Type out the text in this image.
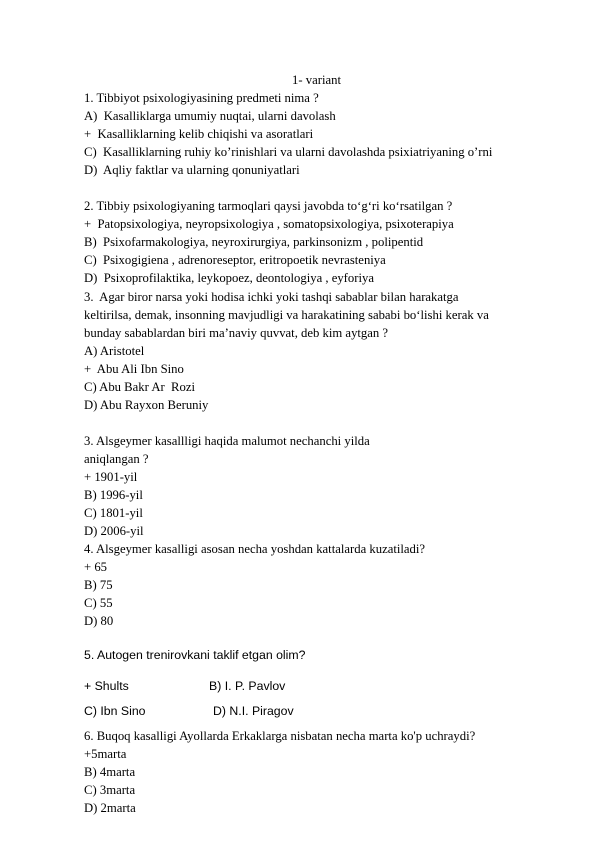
1- variant
1. Tibbiyot psixologiyasining predmeti nima ?
A)  Kasalliklarga umumiy nuqtai, ularni davolash
+  Kasalliklarning kelib chiqishi va asoratlari
C)  Kasalliklarning ruhiy ko’rinishlari va ularni davolashda psixiatriyaning o’rni
D)  Aqliy faktlar va ularning qonuniyatlari
2. Tibbiy psixologiyaning tarmoqlari qaysi javobda to‘g‘ri ko‘rsatilgan ?
+  Patopsixologiya, neyropsixologiya , somatopsixologiya, psixoterapiya
B)  Psixofarmakologiya, neyroxirurgiya, parkinsonizm , polipentid
C)  Psixogigiena , adrenoreseptor, eritropoetik nevrasteniya
D)  Psixoprofilaktika, leykopoez, deontologiya , eyforiya
3.  Agar biror narsa yoki hodisa ichki yoki tashqi sabablar bilan harakatga
keltirilsa, demak, insonning mavjudligi va harakatining sababi bo‘lishi kerak va
bunday sabablardan biri ma’naviy quvvat, deb kim aytgan ?
A) Aristotel
+  Abu Ali Ibn Sino
C) Abu Bakr Ar  Rozi
D) Abu Rayxon Beruniy
3. Alsgeymer kasallligi haqida malumot nechanchi yilda
aniqlangan ?
+ 1901-yil
B) 1996-yil
C) 1801-yil
D) 2006-yil
4. Alsgeymer kasalligi asosan necha yoshdan kattalarda kuzatiladi?
+ 65
B) 75
C) 55
D) 80
5. Autogen trenirovkani taklif etgan olim?
+ Shults	B) I. P. Pavlov
C) Ibn Sino	D) N.I. Piragov
6. Buqoq kasalligi Ayollarda Erkaklarga nisbatan necha marta ko'p uchraydi?
+5marta
B) 4marta
C) 3marta
D) 2marta
